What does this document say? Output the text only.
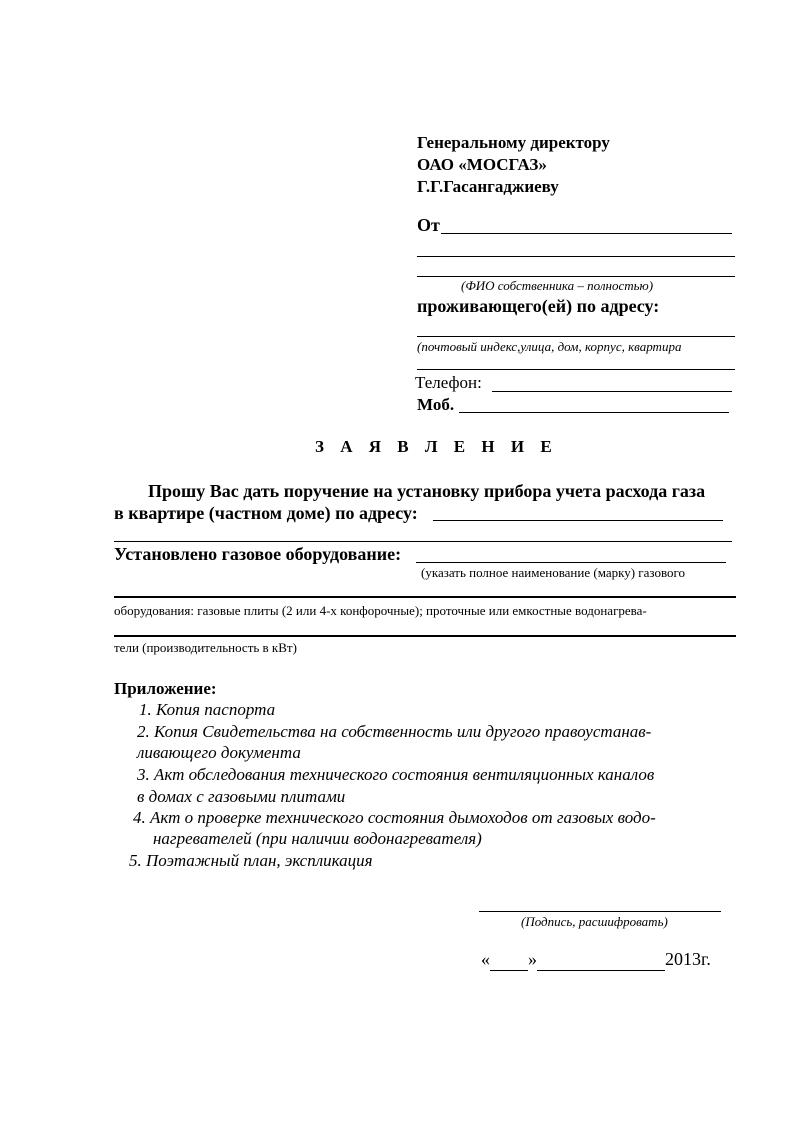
Генеральному директору
ОАО «МОСГАЗ»
Г.Г.Гасангаджиеву
От
(ФИО собственника – полностью)
проживающего(ей) по адресу:
(почтовый индекс,улица, дом, корпус, квартира
Телефон:
Моб.
З А Я В Л Е Н И Е
Прошу Вас дать поручение на установку прибора учета расхода газа
в квартире (частном доме) по адресу:
Установлено газовое оборудование:
(указать полное наименование (марку) газового
оборудования: газовые плиты (2 или 4-х конфорочные); проточные или емкостные водонагрева-
тели (производительность в кВт)
Приложение:
1. Копия паспорта
2. Копия Свидетельства на собственность или другого правоустанав-
ливающего документа
3. Акт обследования технического состояния вентиляционных каналов
в домах с газовыми плитами
4. Акт о проверке технического состояния дымоходов от газовых водо-
нагревателей (при наличии водонагревателя)
5. Поэтажный план, экспликация
(Подпись, расшифровать)
« »	2013г.
